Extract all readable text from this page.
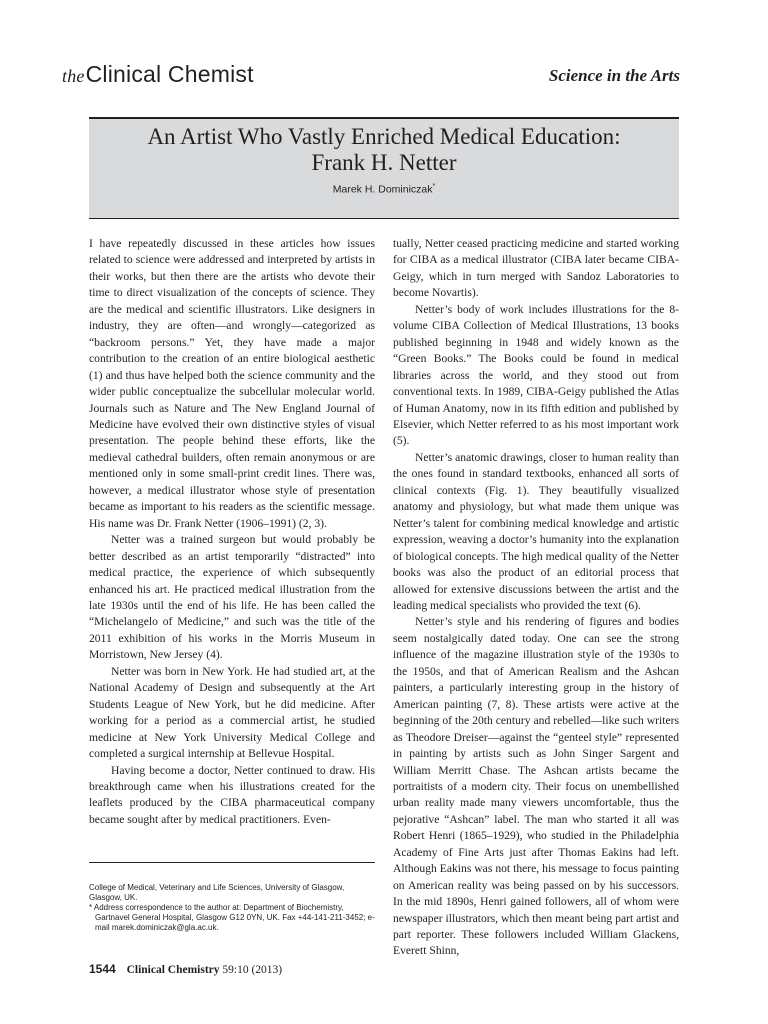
theClinical Chemist	Science in the Arts
An Artist Who Vastly Enriched Medical Education:
Frank H. Netter
Marek H. Dominiczak*

I have repeatedly discussed in these articles how issues related to science were addressed and interpreted by artists in their works, but then there are the artists who devote their time to direct visualization of the concepts of science. They are the medical and scientific illustrators. Like designers in industry, they are often—and wrongly—categorized as “backroom persons.” Yet, they have made a major contribution to the creation of an entire biological aesthetic (1) and thus have helped both the science community and the wider public conceptualize the subcellular molecular world. Journals such as Nature and The New England Journal of Medicine have evolved their own distinctive styles of visual presentation. The people behind these efforts, like the medieval cathedral builders, often remain anonymous or are mentioned only in some small-print credit lines. There was, however, a medical illustrator whose style of presentation became as important to his readers as the scientific message. His name was Dr. Frank Netter (1906–1991) (2, 3).

Netter was a trained surgeon but would probably be better described as an artist temporarily “distracted” into medical practice, the experience of which subsequently enhanced his art. He practiced medical illustration from the late 1930s until the end of his life. He has been called the “Michelangelo of Medicine,” and such was the title of the 2011 exhibition of his works in the Morris Museum in Morristown, New Jersey (4).

Netter was born in New York. He had studied art, at the National Academy of Design and subsequently at the Art Students League of New York, but he did medicine. After working for a period as a commercial artist, he studied medicine at New York University Medical College and completed a surgical internship at Bellevue Hospital.

Having become a doctor, Netter continued to draw. His breakthrough came when his illustrations created for the leaflets produced by the CIBA pharmaceutical company became sought after by medical practitioners. Even-

tually, Netter ceased practicing medicine and started working for CIBA as a medical illustrator (CIBA later became CIBA-Geigy, which in turn merged with Sandoz Laboratories to become Novartis).

Netter’s body of work includes illustrations for the 8-volume CIBA Collection of Medical Illustrations, 13 books published beginning in 1948 and widely known as the “Green Books.” The Books could be found in medical libraries across the world, and they stood out from conventional texts. In 1989, CIBA-Geigy published the Atlas of Human Anatomy, now in its fifth edition and published by Elsevier, which Netter referred to as his most important work (5).

Netter’s anatomic drawings, closer to human reality than the ones found in standard textbooks, enhanced all sorts of clinical contexts (Fig. 1). They beautifully visualized anatomy and physiology, but what made them unique was Netter’s talent for combining medical knowledge and artistic expression, weaving a doctor’s humanity into the explanation of biological concepts. The high medical quality of the Netter books was also the product of an editorial process that allowed for extensive discussions between the artist and the leading medical specialists who provided the text (6).

Netter’s style and his rendering of figures and bodies seem nostalgically dated today. One can see the strong influence of the magazine illustration style of the 1930s to the 1950s, and that of American Realism and the Ashcan painters, a particularly interesting group in the history of American painting (7, 8). These artists were active at the beginning of the 20th century and rebelled—like such writers as Theodore Dreiser—against the “genteel style” represented in painting by artists such as John Singer Sargent and William Merritt Chase. The Ashcan artists became the portraitists of a modern city. Their focus on unembellished urban reality made many viewers uncomfortable, thus the pejorative “Ashcan” label. The man who started it all was Robert Henri (1865–1929), who studied in the Philadelphia Academy of Fine Arts just after Thomas Eakins had left. Although Eakins was not there, his message to focus painting on American reality was being passed on by his successors. In the mid 1890s, Henri gained followers, all of whom were newspaper illustrators, which then meant being part artist and part reporter. These followers included William Glackens, Everett Shinn,

College of Medical, Veterinary and Life Sciences, University of Glasgow, Glasgow, UK.

* Address correspondence to the author at: Department of Biochemistry, Gartnavel General Hospital, Glasgow G12 0YN, UK. Fax +44-141-211-3452; e-mail marek.dominiczak@gla.ac.uk.

1544 Clinical Chemistry 59:10 (2013)
